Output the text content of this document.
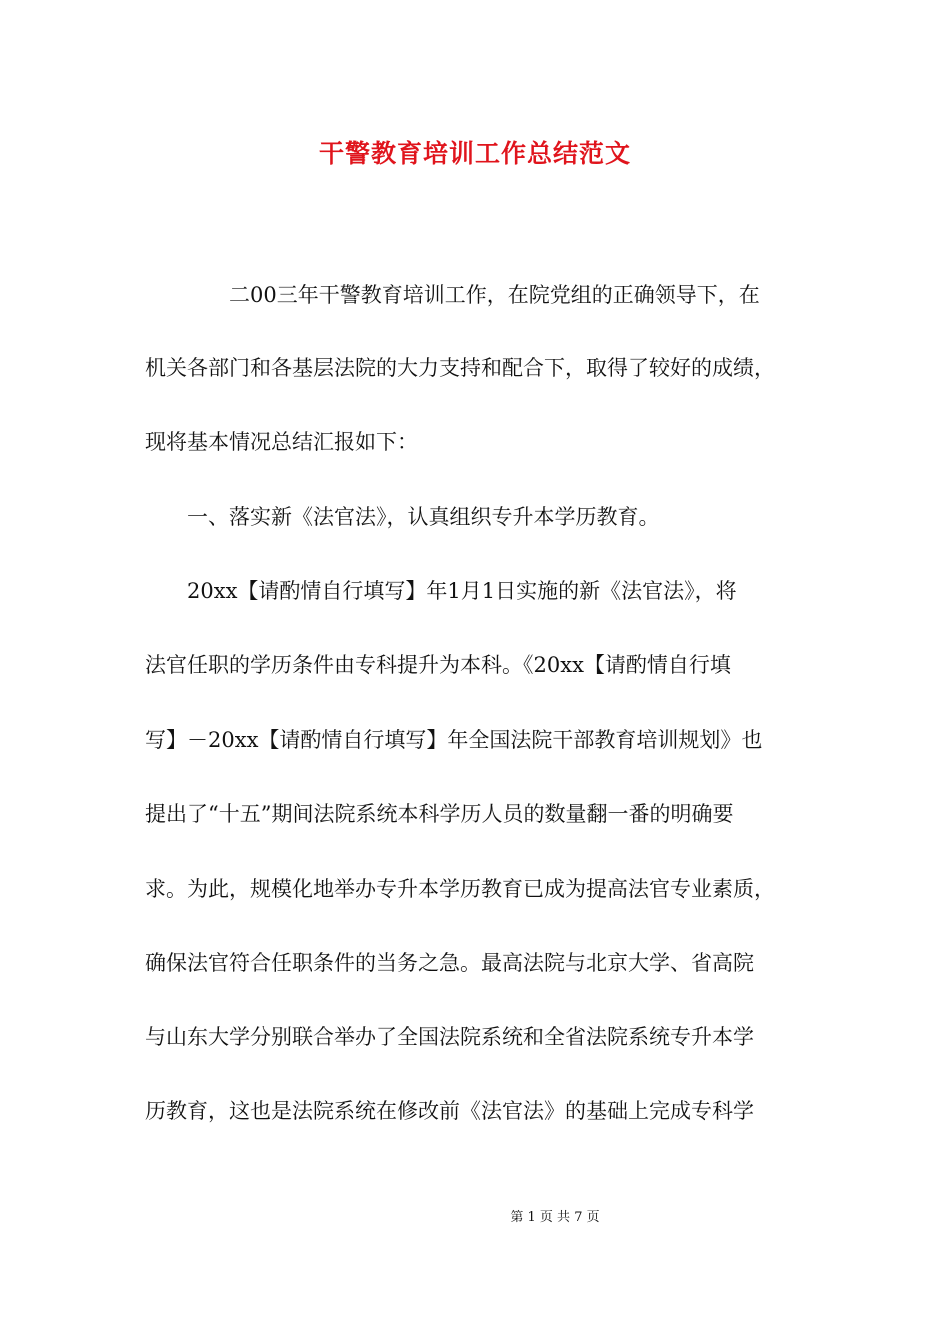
干警教育培训工作总结范文
　　　　二00三年干警教育培训工作，在院党组的正确领导下，在
机关各部门和各基层法院的大力支持和配合下，取得了较好的成绩，
现将基本情况总结汇报如下：
　　一、落实新《法官法》，认真组织专升本学历教育。
　　20xx【请酌情自行填写】年1月1日实施的新《法官法》，将
法官任职的学历条件由专科提升为本科。《20xx【请酌情自行填
写】－20xx【请酌情自行填写】年全国法院干部教育培训规划》也
提出了“十五”期间法院系统本科学历人员的数量翻一番的明确要
求。为此，规模化地举办专升本学历教育已成为提高法官专业素质，
确保法官符合任职条件的当务之急。最高法院与北京大学、省高院
与山东大学分别联合举办了全国法院系统和全省法院系统专升本学
历教育，这也是法院系统在修改前《法官法》的基础上完成专科学
第 1 页 共 7 页
